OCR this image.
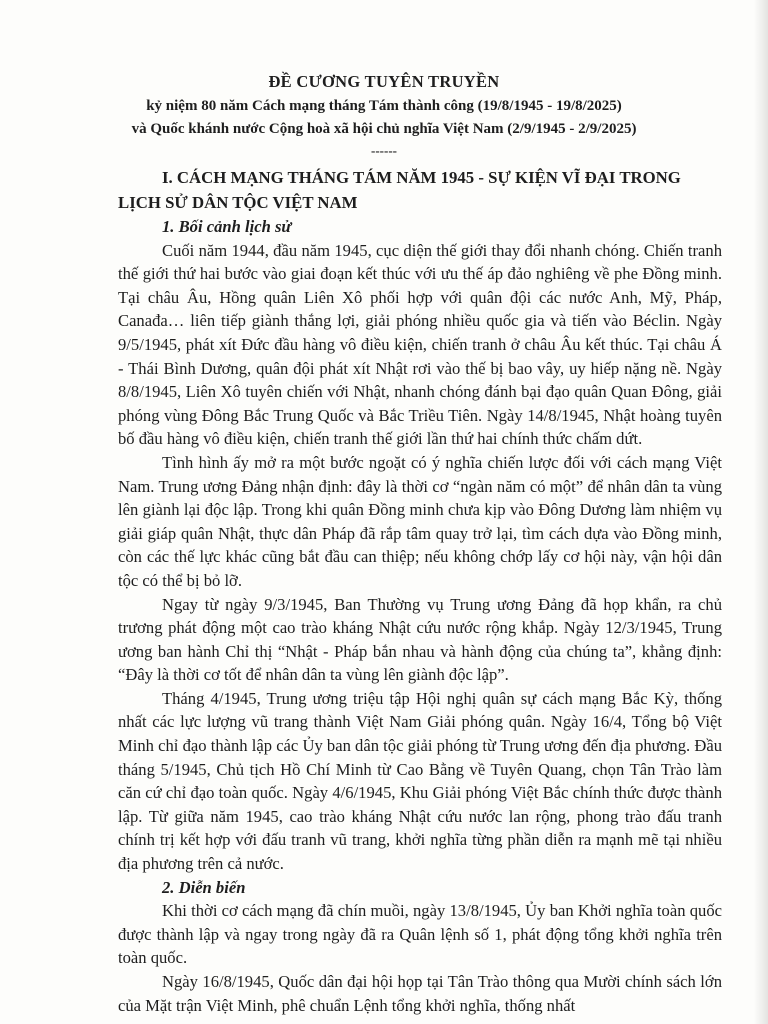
ĐỀ CƯƠNG TUYÊN TRUYỀN
kỷ niệm 80 năm Cách mạng tháng Tám thành công (19/8/1945 - 19/8/2025)
và Quốc khánh nước Cộng hoà xã hội chủ nghĩa Việt Nam (2/9/1945 - 2/9/2025)
------
I. CÁCH MẠNG THÁNG TÁM NĂM 1945 - SỰ KIỆN VĨ ĐẠI TRONG LỊCH SỬ DÂN TỘC VIỆT NAM
1. Bối cảnh lịch sử
Cuối năm 1944, đầu năm 1945, cục diện thế giới thay đổi nhanh chóng. Chiến tranh thế giới thứ hai bước vào giai đoạn kết thúc với ưu thế áp đảo nghiêng về phe Đồng minh. Tại châu Âu, Hồng quân Liên Xô phối hợp với quân đội các nước Anh, Mỹ, Pháp, Canađa… liên tiếp giành thắng lợi, giải phóng nhiều quốc gia và tiến vào Béclin. Ngày 9/5/1945, phát xít Đức đầu hàng vô điều kiện, chiến tranh ở châu Âu kết thúc. Tại châu Á - Thái Bình Dương, quân đội phát xít Nhật rơi vào thế bị bao vây, uy hiếp nặng nề. Ngày 8/8/1945, Liên Xô tuyên chiến với Nhật, nhanh chóng đánh bại đạo quân Quan Đông, giải phóng vùng Đông Bắc Trung Quốc và Bắc Triều Tiên. Ngày 14/8/1945, Nhật hoàng tuyên bố đầu hàng vô điều kiện, chiến tranh thế giới lần thứ hai chính thức chấm dứt.
Tình hình ấy mở ra một bước ngoặt có ý nghĩa chiến lược đối với cách mạng Việt Nam. Trung ương Đảng nhận định: đây là thời cơ “ngàn năm có một” để nhân dân ta vùng lên giành lại độc lập. Trong khi quân Đồng minh chưa kịp vào Đông Dương làm nhiệm vụ giải giáp quân Nhật, thực dân Pháp đã rắp tâm quay trở lại, tìm cách dựa vào Đồng minh, còn các thế lực khác cũng bắt đầu can thiệp; nếu không chớp lấy cơ hội này, vận hội dân tộc có thể bị bỏ lỡ.
Ngay từ ngày 9/3/1945, Ban Thường vụ Trung ương Đảng đã họp khẩn, ra chủ trương phát động một cao trào kháng Nhật cứu nước rộng khắp. Ngày 12/3/1945, Trung ương ban hành Chỉ thị “Nhật - Pháp bắn nhau và hành động của chúng ta”, khẳng định: “Đây là thời cơ tốt để nhân dân ta vùng lên giành độc lập”.
Tháng 4/1945, Trung ương triệu tập Hội nghị quân sự cách mạng Bắc Kỳ, thống nhất các lực lượng vũ trang thành Việt Nam Giải phóng quân. Ngày 16/4, Tổng bộ Việt Minh chỉ đạo thành lập các Ủy ban dân tộc giải phóng từ Trung ương đến địa phương. Đầu tháng 5/1945, Chủ tịch Hồ Chí Minh từ Cao Bằng về Tuyên Quang, chọn Tân Trào làm căn cứ chỉ đạo toàn quốc. Ngày 4/6/1945, Khu Giải phóng Việt Bắc chính thức được thành lập. Từ giữa năm 1945, cao trào kháng Nhật cứu nước lan rộng, phong trào đấu tranh chính trị kết hợp với đấu tranh vũ trang, khởi nghĩa từng phần diễn ra mạnh mẽ tại nhiều địa phương trên cả nước.
2. Diễn biến
Khi thời cơ cách mạng đã chín muồi, ngày 13/8/1945, Ủy ban Khởi nghĩa toàn quốc được thành lập và ngay trong ngày đã ra Quân lệnh số 1, phát động tổng khởi nghĩa trên toàn quốc.
Ngày 16/8/1945, Quốc dân đại hội họp tại Tân Trào thông qua Mười chính sách lớn của Mặt trận Việt Minh, phê chuẩn Lệnh tổng khởi nghĩa, thống nhất
